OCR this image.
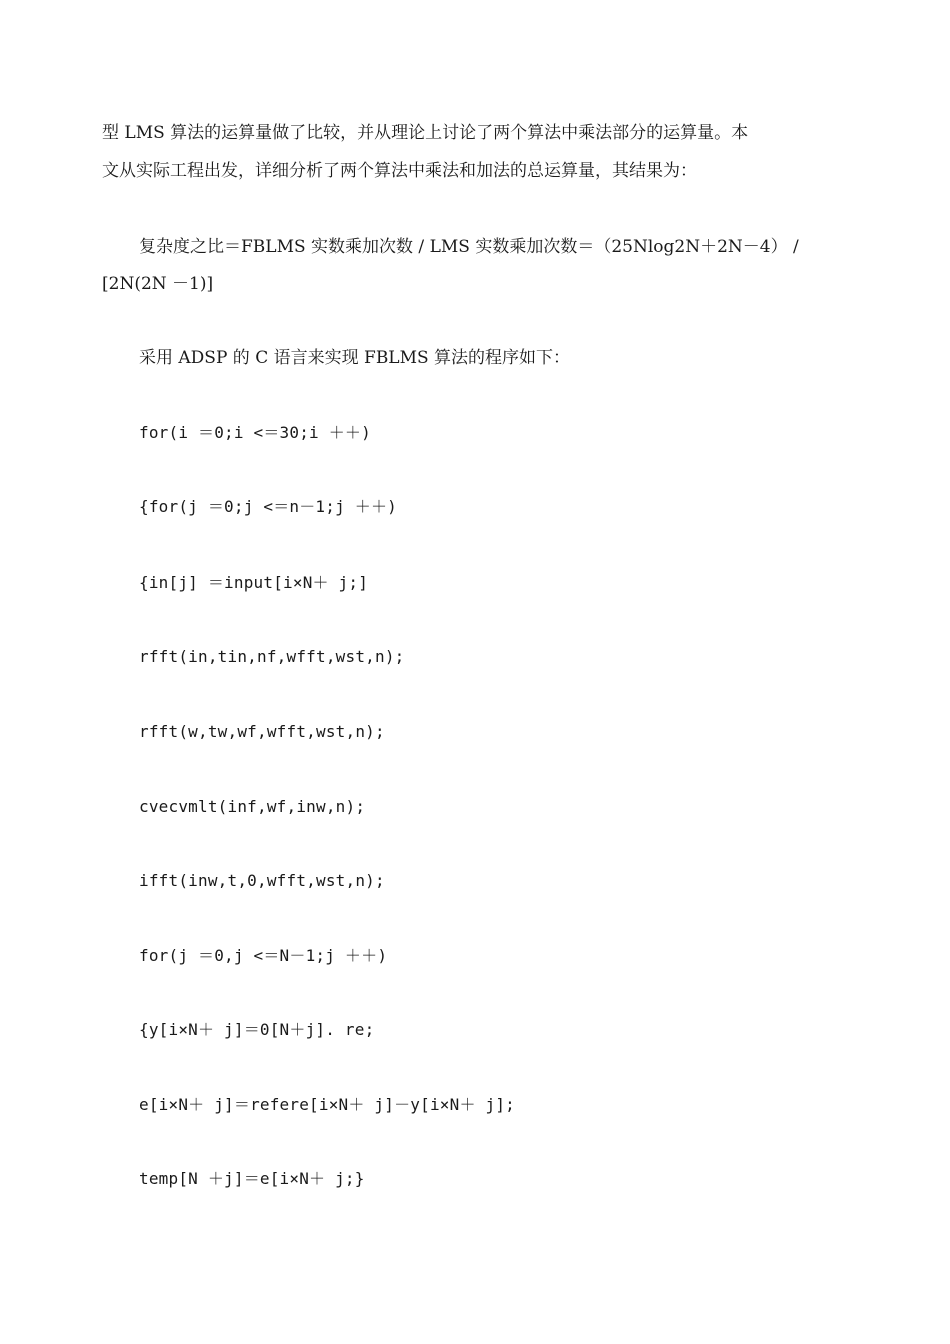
型 LMS 算法的运算量做了比较，并从理论上讨论了两个算法中乘法部分的运算量。本
文从实际工程出发，详细分析了两个算法中乘法和加法的总运算量，其结果为：
复杂度之比＝FBLMS 实数乘加次数 / LMS 实数乘加次数＝（25Nlog2N＋2N－4） /
[2N(2N －1)]
采用 ADSP 的 C 语言来实现 FBLMS 算法的程序如下：
for(i ＝0;i <＝30;i ＋＋)
{for(j ＝0;j <＝n－1;j ＋＋)
{in[j] ＝input[i×N＋ j;]
rfft(in,tin,nf,wfft,wst,n);
rfft(w,tw,wf,wfft,wst,n);
cvecvmlt(inf,wf,inw,n);
ifft(inw,t,0,wfft,wst,n);
for(j ＝0,j <＝N－1;j ＋＋)
{y[i×N＋ j]＝0[N＋j]. re;
e[i×N＋ j]＝refere[i×N＋ j]－y[i×N＋ j];
temp[N ＋j]＝e[i×N＋ j;}
